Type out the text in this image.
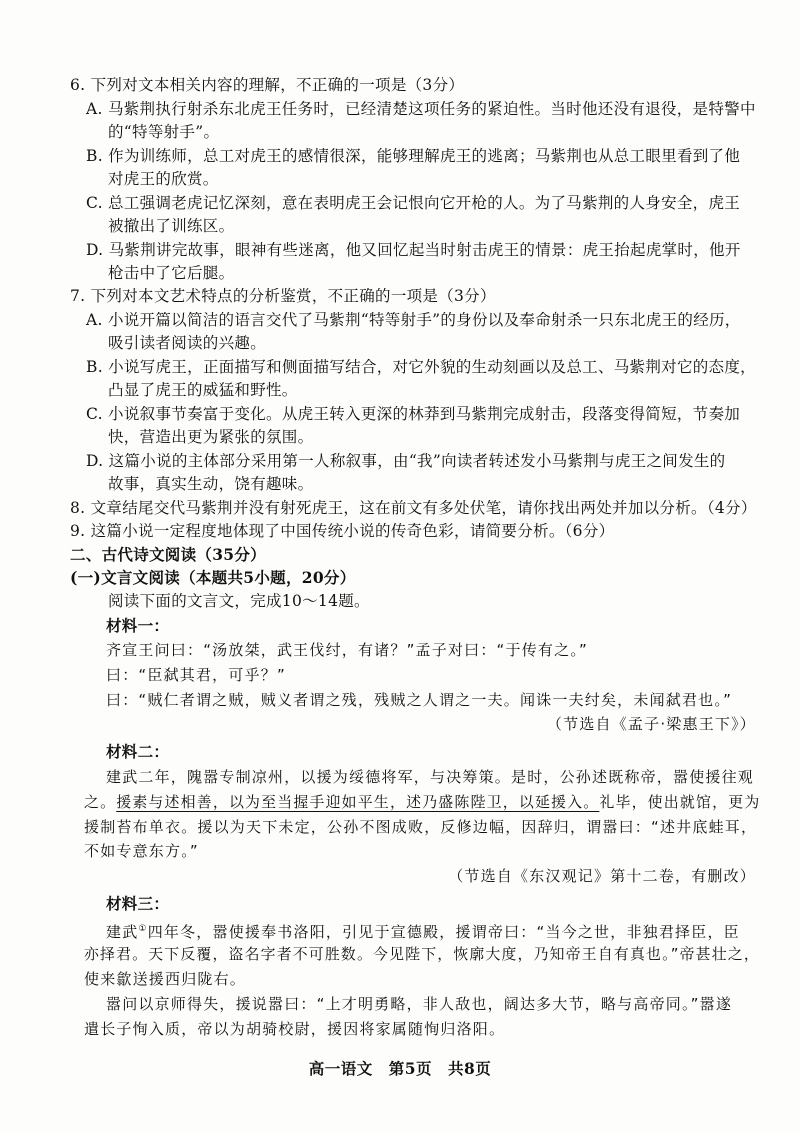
6. 下列对文本相关内容的理解，不正确的一项是（3分）
A. 马紫荆执行射杀东北虎王任务时，已经清楚这项任务的紧迫性。当时他还没有退役，是特警中
的“特等射手”。
B. 作为训练师，总工对虎王的感情很深，能够理解虎王的逃离；马紫荆也从总工眼里看到了他
对虎王的欣赏。
C. 总工强调老虎记忆深刻，意在表明虎王会记恨向它开枪的人。为了马紫荆的人身安全，虎王
被撤出了训练区。
D. 马紫荆讲完故事，眼神有些迷离，他又回忆起当时射击虎王的情景：虎王抬起虎掌时，他开
枪击中了它后腿。
7. 下列对本文艺术特点的分析鉴赏，不正确的一项是（3分）
A. 小说开篇以简洁的语言交代了马紫荆“特等射手”的身份以及奉命射杀一只东北虎王的经历，
吸引读者阅读的兴趣。
B. 小说写虎王，正面描写和侧面描写结合，对它外貌的生动刻画以及总工、马紫荆对它的态度，
凸显了虎王的威猛和野性。
C. 小说叙事节奏富于变化。从虎王转入更深的林莽到马紫荆完成射击，段落变得简短，节奏加
快，营造出更为紧张的氛围。
D. 这篇小说的主体部分采用第一人称叙事，由“我”向读者转述发小马紫荆与虎王之间发生的
故事，真实生动，饶有趣味。
8. 文章结尾交代马紫荆并没有射死虎王，这在前文有多处伏笔，请你找出两处并加以分析。（4分）
9. 这篇小说一定程度地体现了中国传统小说的传奇色彩，请简要分析。（6分）
二、古代诗文阅读（35分）
(一)文言文阅读（本题共5小题，20分）
阅读下面的文言文，完成10～14题。
材料一：
齐宣王问曰：“汤放桀，武王伐纣，有诸？”孟子对曰：“于传有之。”
曰：“臣弑其君，可乎？”
曰：“贼仁者谓之贼，贼义者谓之残，残贼之人谓之一夫。闻诛一夫纣矣，未闻弑君也。”
（节选自《孟子·梁惠王下》）
材料二：
建武二年，隗嚣专制凉州，以援为绥德将军，与决筹策。是时，公孙述既称帝，嚣使援往观
之。援素与述相善，以为至当握手迎如平生，述乃盛陈陛卫，以延援入。礼毕，使出就馆，更为
援制苔布单衣。援以为天下未定，公孙不图成败，反修边幅，因辞归，谓嚣曰：“述井底蛙耳，
不如专意东方。”
（节选自《东汉观记》第十二卷，有删改）
材料三：
建武①四年冬，嚣使援奉书洛阳，引见于宣德殿，援谓帝曰：“当今之世，非独君择臣，臣
亦择君。天下反覆，盗名字者不可胜数。今见陛下，恢廓大度，乃知帝王自有真也。”帝甚壮之，
使来歙送援西归陇右。
嚣问以京师得失，援说嚣曰：“上才明勇略，非人敌也，阔达多大节，略与高帝同。”嚣遂
遣长子恂入质，帝以为胡骑校尉，援因将家属随恂归洛阳。
高一语文　第5页　共8页
